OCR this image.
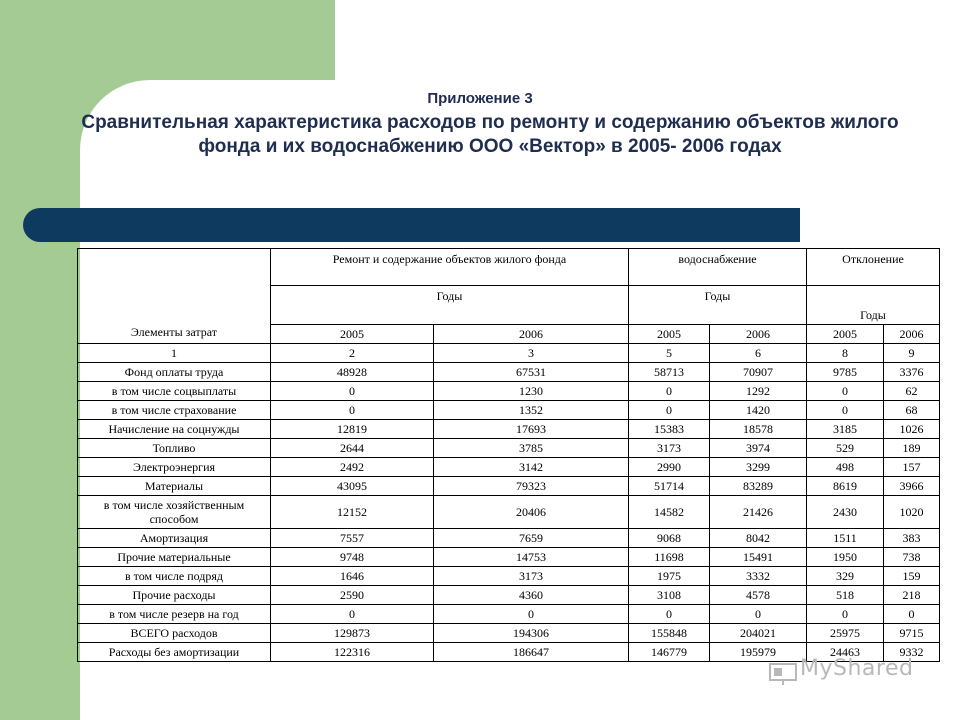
Приложение 3
Сравнительная характеристика расходов по ремонту и содержанию объектов жилого фонда и их водоснабжению ООО «Вектор» в 2005- 2006 годах
Элементы затрат	Ремонт и содержание объектов жилого фонда		водоснабжение		Отклонение	
	Годы		Годы		Годы	
	2005	2006	2005	2006	2005	2006
1	2	3	5	6	8	9
Фонд оплаты труда	48928	67531	58713	70907	9785	3376
в том числе соцвыплаты	0	1230	0	1292	0	62
в том числе страхование	0	1352	0	1420	0	68
Начисление на соцнужды	12819	17693	15383	18578	3185	1026
Топливо	2644	3785	3173	3974	529	189
Электроэнергия	2492	3142	2990	3299	498	157
Материалы	43095	79323	51714	83289	8619	3966
в том числе хозяйственным способом	12152	20406	14582	21426	2430	1020
Амортизация	7557	7659	9068	8042	1511	383
Прочие материальные	9748	14753	11698	15491	1950	738
в том числе подряд	1646	3173	1975	3332	329	159
Прочие расходы	2590	4360	3108	4578	518	218
в том числе резерв на год	0	0	0	0	0	0
ВСЕГО расходов	129873	194306	155848	204021	25975	9715
Расходы без амортизации	122316	186647	146779	195979	24463	9332
MyShared
